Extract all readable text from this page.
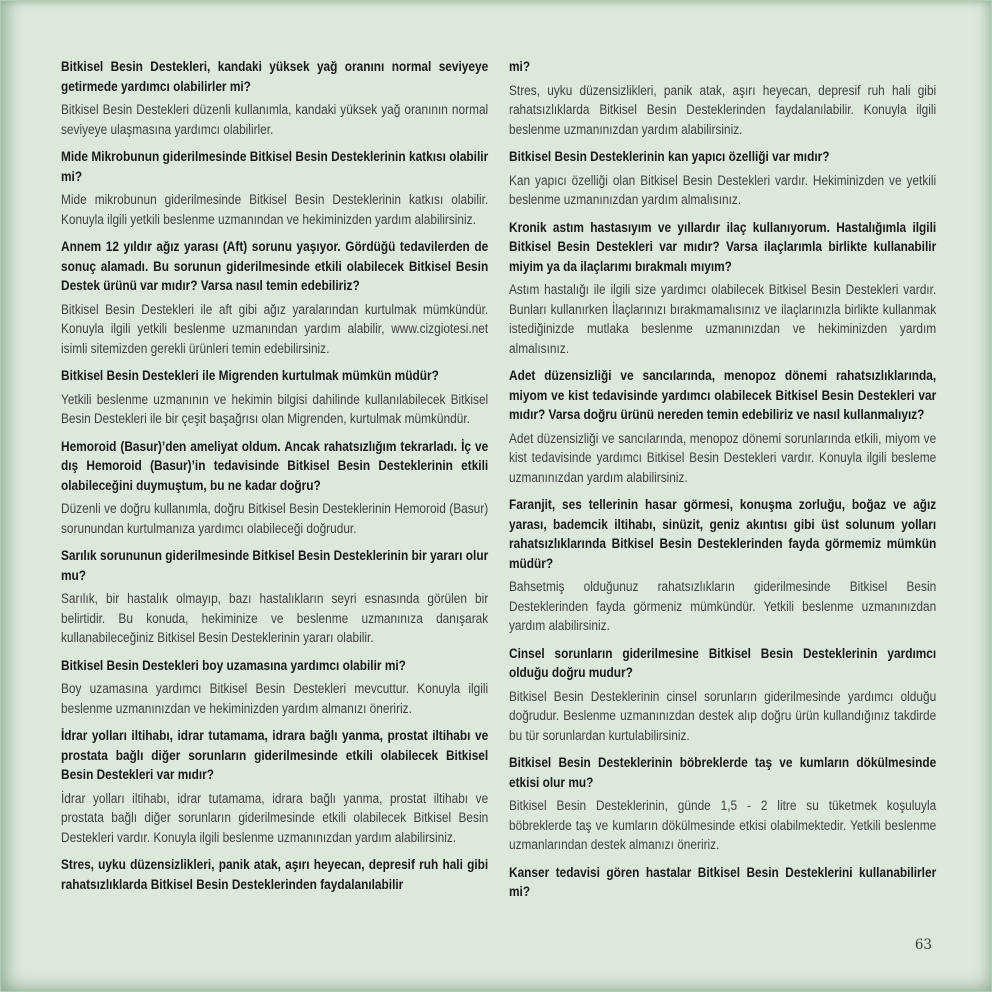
Bitkisel Besin Destekleri, kandaki yüksek yağ oranını normal seviyeye getirmede yardımcı olabilirler mi?

Bitkisel Besin Destekleri düzenli kullanımla, kandaki yüksek yağ oranının normal seviyeye ulaşmasına yardımcı olabilirler.

Mide Mikrobunun giderilmesinde Bitkisel Besin Desteklerinin katkısı olabilir mi?

Mide mikrobunun giderilmesinde Bitkisel Besin Desteklerinin katkısı olabilir. Konuyla ilgili yetkili beslenme uzmanından ve hekiminizden yardım alabilirsiniz.

Annem 12 yıldır ağız yarası (Aft) sorunu yaşıyor. Gördüğü tedavilerden de sonuç alamadı. Bu sorunun giderilmesinde etkili olabilecek Bitkisel Besin Destek ürünü var mıdır? Varsa nasıl temin edebiliriz?

Bitkisel Besin Destekleri ile aft gibi ağız yaralarından kurtulmak mümkündür. Konuyla ilgili yetkili beslenme uzmanından yardım alabilir, www.cizgiotesi.net isimli sitemizden gerekli ürünleri temin edebilirsiniz.

Bitkisel Besin Destekleri ile Migrenden kurtulmak mümkün müdür?

Yetkili beslenme uzmanının ve hekimin bilgisi dahilinde kullanılabilecek Bitkisel Besin Destekleri ile bir çeşit başağrısı olan Migrenden, kurtulmak mümkündür.

Hemoroid (Basur)’den ameliyat oldum. Ancak rahatsızlığım tekrarladı. İç ve dış Hemoroid (Basur)’in tedavisinde Bitkisel Besin Desteklerinin etkili olabileceğini duymuştum, bu ne kadar doğru?

Düzenli ve doğru kullanımla, doğru Bitkisel Besin Desteklerinin Hemoroid (Basur) sorunundan kurtulmanıza yardımcı olabileceği doğrudur.

Sarılık sorununun giderilmesinde Bitkisel Besin Desteklerinin bir yararı olur mu?

Sarılık, bir hastalık olmayıp, bazı hastalıkların seyri esnasında görülen bir belirtidir. Bu konuda, hekiminize ve beslenme uzmanınıza danışarak kullanabileceğiniz Bitkisel Besin Desteklerinin yararı olabilir.

Bitkisel Besin Destekleri boy uzamasına yardımcı olabilir mi?

Boy uzamasına yardımcı Bitkisel Besin Destekleri mevcuttur. Konuyla ilgili beslenme uzmanınızdan ve hekiminizden yardım almanızı öneririz.

İdrar yolları iltihabı, idrar tutamama, idrara bağlı yanma, prostat iltihabı ve prostata bağlı diğer sorunların giderilmesinde etkili olabilecek Bitkisel Besin Destekleri var mıdır?

İdrar yolları iltihabı, idrar tutamama, idrara bağlı yanma, prostat iltihabı ve prostata bağlı diğer sorunların giderilmesinde etkili olabilecek Bitkisel Besin Destekleri vardır. Konuyla ilgili beslenme uzmanınızdan yardım alabilirsiniz.

Stres, uyku düzensizlikleri, panik atak, aşırı heyecan, depresif ruh hali gibi rahatsızlıklarda Bitkisel Besin Desteklerinden faydalanılabilir

mi?

Stres, uyku düzensizlikleri, panik atak, aşırı heyecan, depresif ruh hali gibi rahatsızlıklarda Bitkisel Besin Desteklerinden faydalanılabilir. Konuyla ilgili beslenme uzmanınızdan yardım alabilirsiniz.

Bitkisel Besin Desteklerinin kan yapıcı özelliği var mıdır?

Kan yapıcı özelliği olan Bitkisel Besin Destekleri vardır. Hekiminizden ve yetkili beslenme uzmanınızdan yardım almalısınız.

Kronik astım hastasıyım ve yıllardır ilaç kullanıyorum. Hastalığımla ilgili Bitkisel Besin Destekleri var mıdır? Varsa ilaçlarımla birlikte kullanabilir miyim ya da ilaçlarımı bırakmalı mıyım?

Astım hastalığı ile ilgili size yardımcı olabilecek Bitkisel Besin Destekleri vardır. Bunları kullanırken İlaçlarınızı bırakmamalısınız ve ilaçlarınızla birlikte kullanmak istediğinizde mutlaka beslenme uzmanınızdan ve hekiminizden yardım almalısınız.

Adet düzensizliği ve sancılarında, menopoz dönemi rahatsızlıklarında, miyom ve kist tedavisinde yardımcı olabilecek Bitkisel Besin Destekleri var mıdır? Varsa doğru ürünü nereden temin edebiliriz ve nasıl kullanmalıyız?

Adet düzensizliği ve sancılarında, menopoz dönemi sorunlarında etkili, miyom ve kist tedavisinde yardımcı Bitkisel Besin Destekleri vardır. Konuyla ilgili besleme uzmanınızdan yardım alabilirsiniz.

Faranjit, ses tellerinin hasar görmesi, konuşma zorluğu, boğaz ve ağız yarası, bademcik iltihabı, sinüzit, geniz akıntısı gibi üst solunum yolları rahatsızlıklarında Bitkisel Besin Desteklerinden fayda görmemiz mümkün müdür?

Bahsetmiş olduğunuz rahatsızlıkların giderilmesinde Bitkisel Besin Desteklerinden fayda görmeniz mümkündür. Yetkili beslenme uzmanınızdan yardım alabilirsiniz.

Cinsel sorunların giderilmesine Bitkisel Besin Desteklerinin yardımcı olduğu doğru mudur?

Bitkisel Besin Desteklerinin cinsel sorunların giderilmesinde yardımcı olduğu doğrudur. Beslenme uzmanınızdan destek alıp doğru ürün kullandığınız takdirde bu tür sorunlardan kurtulabilirsiniz.

Bitkisel Besin Desteklerinin böbreklerde taş ve kumların dökülmesinde etkisi olur mu?

Bitkisel Besin Desteklerinin, günde 1,5 - 2 litre su tüketmek koşuluyla böbreklerde taş ve kumların dökülmesinde etkisi olabilmektedir. Yetkili beslenme uzmanlarından destek almanızı öneririz.

Kanser tedavisi gören hastalar Bitkisel Besin Desteklerini kullanabilirler mi?

63
